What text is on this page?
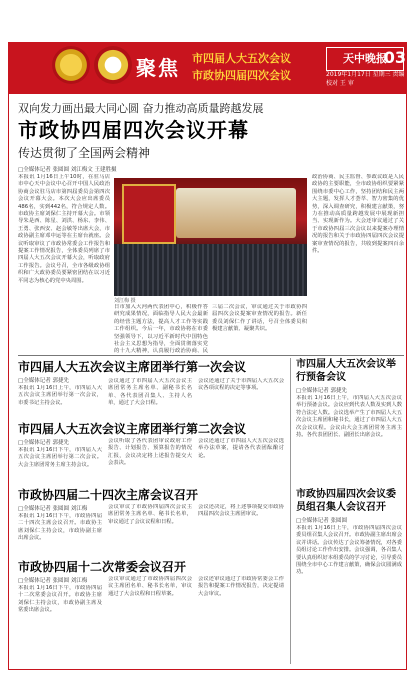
聚焦 市四届人大五次会议
市政协四届四次会议
天中晚报
03
2019年1月17日 星期三 责编 校对 王 审
双向发力画出最大同心圆 奋力推动高质量跨越发展
市政协四届四次会议开幕
传达贯彻了全国两会精神
□全媒体记者 张圆圆 刘江梅文 王建胜摄
本报讯 1月16日上午10时，在驻马店市中心天中会议中心召开中国人民政治协商会议驻马店市第四届委员会第四次会议开幕大会。本次大会应出席委员486名，实到442名，符合规定人数。市政协主席刘保仁主持开幕大会。市领导朱是西、陈星、刘洪、杨东、李伟、王勇、张西安、赵会敏等出席大会，市政协副主席邓中运等在主席台就座。会议听取审议了市政协常委会工作报告和提案工作情况报告，全体委员列席了市四届人大五次会议开幕大会，听取政府工作报告。会议号召，全市各级政协组织和广大政协委员要紧密团结在以习近平同志为核心的党中央周围。
刘江梅 摄
日市加入大河两代表团中心，积极作答研究成果情况，面临指导人民大会最新的经营主题方法，提高人才工作等实践工作组织。今后一年，市政协将在市委坚强领导下，以习近平新时代中国特色社会主义思想为指导，全面贯彻落实党的十九大精神，认真履行政治协商、民
三届二次会议，审议通过关于市政协四届四次会议提案审查情况的报告。新任委员刘保仁作了讲话，号召全体委员积极建言献策、凝聚共识。
政治协商、民主监督、参政议政是人民政协的主要职能，全市政协组织要紧紧围绕市委中心工作，坚持团结和民主两大主题，发挥人才荟萃、智力密集的优势，深入调查研究，积极建言献策，努力在推动高质量跨越发展中展现新担当、实现新作为。大会还审议通过了关于市政协四届三次会议以来提案办理情况的报告和关于市政协四届四次会议提案审查情况的报告，共收到提案四百余件。
市四届人大五次会议主席团举行第一次会议
□全媒体记者 郭捷先
本报讯 1月16日上午，市四届人大五次会议主席团举行第一次会议，市委书记主持会议。
会议通过了市四届人大五次会议主席团常务主席名单、副秘书长名单、各代表团召集人、主持人名单，通过了大会日程。
会议还通过了关于市四届人大五次会议各项议程的决定等事项。
市四届人大五次会议主席团举行第二次会议
□全媒体记者 郭捷先
本报讯 1月16日下午，市四届人大五次会议主席团举行第二次会议。大会主席团常务主席主持会议。
会议听取了各代表团审议政府工作报告、计划报告、预算报告的情况汇报，会议决定将上述报告提交大会表决。
会议还通过了市四届人大五次会议选举办法草案，提请各代表团酝酿讨论。
市政协四届二十四次主席会议召开
□全媒体记者 张圆圆 刘江梅
本报讯 1月16日下午，市政协四届二十四次主席会议召开。市政协主席刘保仁主持会议，市政协副主席出席会议。
会议审议了市政协四届四次会议主席团常务主席名单、秘书长名单，审议通过了会议议程和日程。
会议还决定，将上述事项提交市政协四届四次会议主席团审议。
市政协四届十二次常委会议召开
□全媒体记者 张圆圆 刘江梅
本报讯 1月16日下午，市政协四届十二次常委会议召开。市政协主席刘保仁主持会议，市政协副主席及常委出席会议。
会议审议通过了市政协四届四次会议主席团名单、秘书长名单，审议通过了大会议程和日程草案。
会议还审议通过了市政协常委会工作报告和提案工作情况报告，决定提请大会审议。
市四届人大五次会议举行预备会议
□全媒体记者 郭捷先
本报讯 1月16日上午，市四届人大五次会议举行预备会议。会议应到代表人数及实到人数符合法定人数。会议选举产生了市四届人大五次会议主席团和秘书长，通过了市四届人大五次会议议程。会议由大会主席团常务主席主持。各代表团团长、副团长出席会议。
市政协四届四次会议委员组召集人会议召开
□全媒体记者 张圆圆
本报讯 1月16日上午，市政协四届四次会议委员组召集人会议召开。市政协副主席出席会议并讲话。会议传达了会议筹备情况，对各委员组讨论工作作出安排。会议强调，各召集人要认真组织好本组委员的学习讨论，引导委员围绕全市中心工作建言献策，确保会议圆满成功。
